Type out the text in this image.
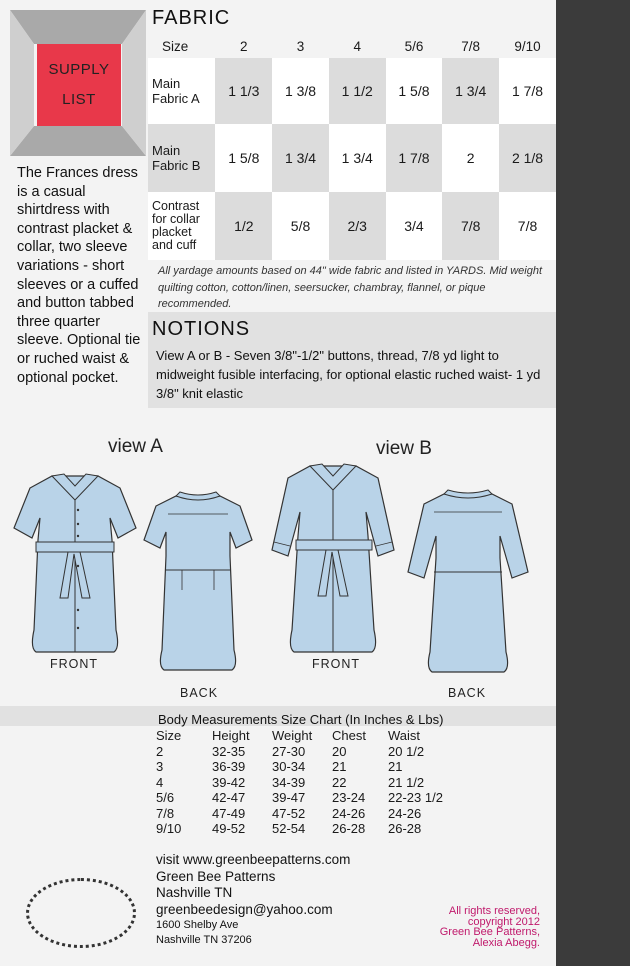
SUPPLY
LIST
The Frances dress is a casual shirtdress with contrast placket & collar, two sleeve variations - short sleeves or a cuffed and button tabbed three quarter sleeve. Optional tie or ruched waist & optional pocket.
FABRIC
Size	2	3	4	5/6	7/8	9/10
Main Fabric A	1 1/3	1 3/8	1 1/2	1 5/8	1 3/4	1 7/8
Main Fabric B	1 5/8	1 3/4	1 3/4	1 7/8	2	2 1/8
Contrast for collar placket and cuff	1/2	5/8	2/3	3/4	7/8	7/8
All yardage amounts based on 44" wide fabric and listed in YARDS. Mid weight quilting cotton, cotton/linen, seersucker, chambray, flannel, or pique recommended.
NOTIONS
View A or B - Seven 3/8"-1/2" buttons, thread, 7/8 yd light to midweight fusible interfacing, for optional elastic ruched waist- 1 yd 3/8" knit elastic
view A	view B
FRONT
BACK
FRONT
BACK
Body Measurements Size Chart (In Inches & Lbs)
Size	Height	Weight	Chest	Waist
2	32-35	27-30	20	20 1/2
3	36-39	30-34	21	21
4	39-42	34-39	22	21 1/2
5/6	42-47	39-47	23-24	22-23 1/2
7/8	47-49	47-52	24-26	24-26
9/10	49-52	52-54	26-28	26-28
visit www.greenbeepatterns.com
Green Bee Patterns
Nashville TN
greenbeedesign@yahoo.com
1600 Shelby Ave
Nashville TN 37206
All rights reserved,
copyright 2012
Green Bee Patterns,
Alexia Abegg.
